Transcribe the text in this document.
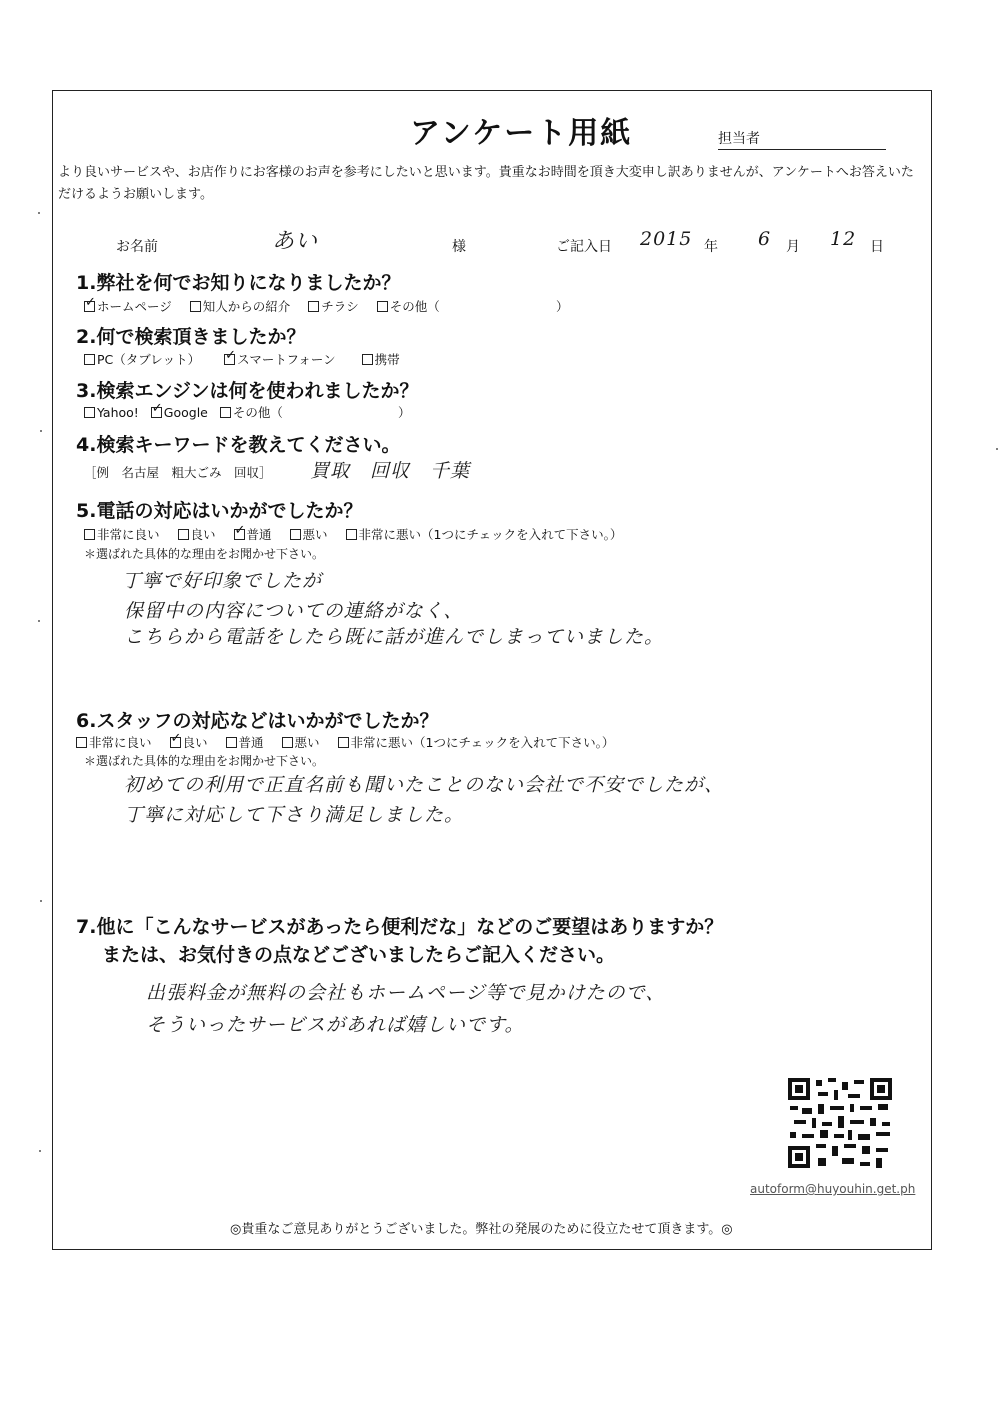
アンケート用紙	担当者
より良いサービスや、お店作りにお客様のお声を参考にしたいと思います。貴重なお時間を頂き大変申し訳ありませんが、アンケートへお答えいただけるようお願いします。
お名前	あい	様	ご記入日 2015 年 6 月 12 日
1.弊社を何でお知りになりましたか？
✓ホームページ 知人からの紹介 チラシ その他（	）
2.何で検索頂きましたか？
PC（タブレット） ✓	スマートフォーン	携帯
3.検索エンジンは何を使われましたか？
Yahoo! ✓ Google その他（	）
4.検索キーワードを教えてください。
［例　名古屋　粗大ごみ　回収］ 買取　回収　千葉
5.電話の対応はいかがでしたか？
非常に良い 良い ✓ 普通 悪い 非常に悪い（1つにチェックを入れて下さい。）
＊選ばれた具体的な理由をお聞かせ下さい。
丁寧で好印象でしたが
保留中の内容についての連絡がなく、
こちらから電話をしたら既に話が進んでしまっていました。
6.スタッフの対応などはいかがでしたか？
非常に良い ✓ 良い 普通 悪い 非常に悪い（1つにチェックを入れて下さい。）
＊選ばれた具体的な理由をお聞かせ下さい。
初めての利用で正直名前も聞いたことのない会社で不安でしたが、
丁寧に対応して下さり満足しました。
7.他に「こんなサービスがあったら便利だな」などのご要望はありますか？
または、お気付きの点などございましたらご記入ください。
出張料金が無料の会社もホームページ等で見かけたので、
そういったサービスがあれば嬉しいです。
autoform@huyouhin.get.ph
◎貴重なご意見ありがとうございました。弊社の発展のために役立たせて頂きます。◎
